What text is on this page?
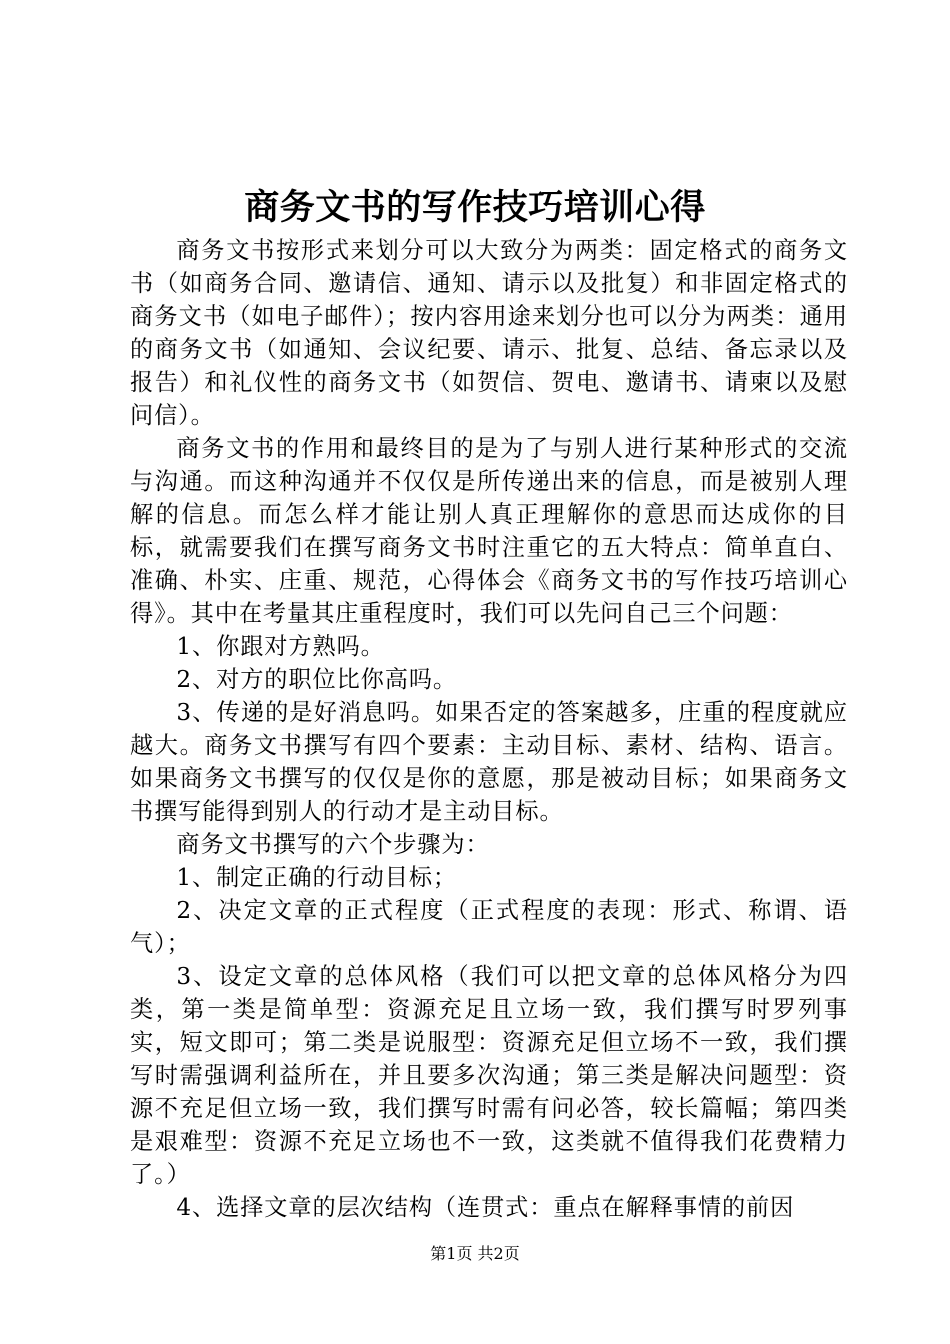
商务文书的写作技巧培训心得

商务文书按形式来划分可以大致分为两类：固定格式的商务文书（如商务合同、邀请信、通知、请示以及批复）和非固定格式的商务文书（如电子邮件）；按内容用途来划分也可以分为两类：通用的商务文书（如通知、会议纪要、请示、批复、总结、备忘录以及报告）和礼仪性的商务文书（如贺信、贺电、邀请书、请柬以及慰问信）。

商务文书的作用和最终目的是为了与别人进行某种形式的交流与沟通。而这种沟通并不仅仅是所传递出来的信息，而是被别人理解的信息。而怎么样才能让别人真正理解你的意思而达成你的目标，就需要我们在撰写商务文书时注重它的五大特点：简单直白、准确、朴实、庄重、规范，心得体会《商务文书的写作技巧培训心得》。其中在考量其庄重程度时，我们可以先问自己三个问题：

1、你跟对方熟吗。

2、对方的职位比你高吗。

3、传递的是好消息吗。如果否定的答案越多，庄重的程度就应越大。商务文书撰写有四个要素：主动目标、素材、结构、语言。如果商务文书撰写的仅仅是你的意愿，那是被动目标；如果商务文书撰写能得到别人的行动才是主动目标。

商务文书撰写的六个步骤为：

1、制定正确的行动目标；

2、决定文章的正式程度（正式程度的表现：形式、称谓、语气）；

3、设定文章的总体风格（我们可以把文章的总体风格分为四类，第一类是简单型：资源充足且立场一致，我们撰写时罗列事实，短文即可；第二类是说服型：资源充足但立场不一致，我们撰写时需强调利益所在，并且要多次沟通；第三类是解决问题型：资源不充足但立场一致，我们撰写时需有问必答，较长篇幅；第四类是艰难型：资源不充足立场也不一致，这类就不值得我们花费精力了。）

4、选择文章的层次结构（连贯式：重点在解释事情的前因

第1页 共2页
